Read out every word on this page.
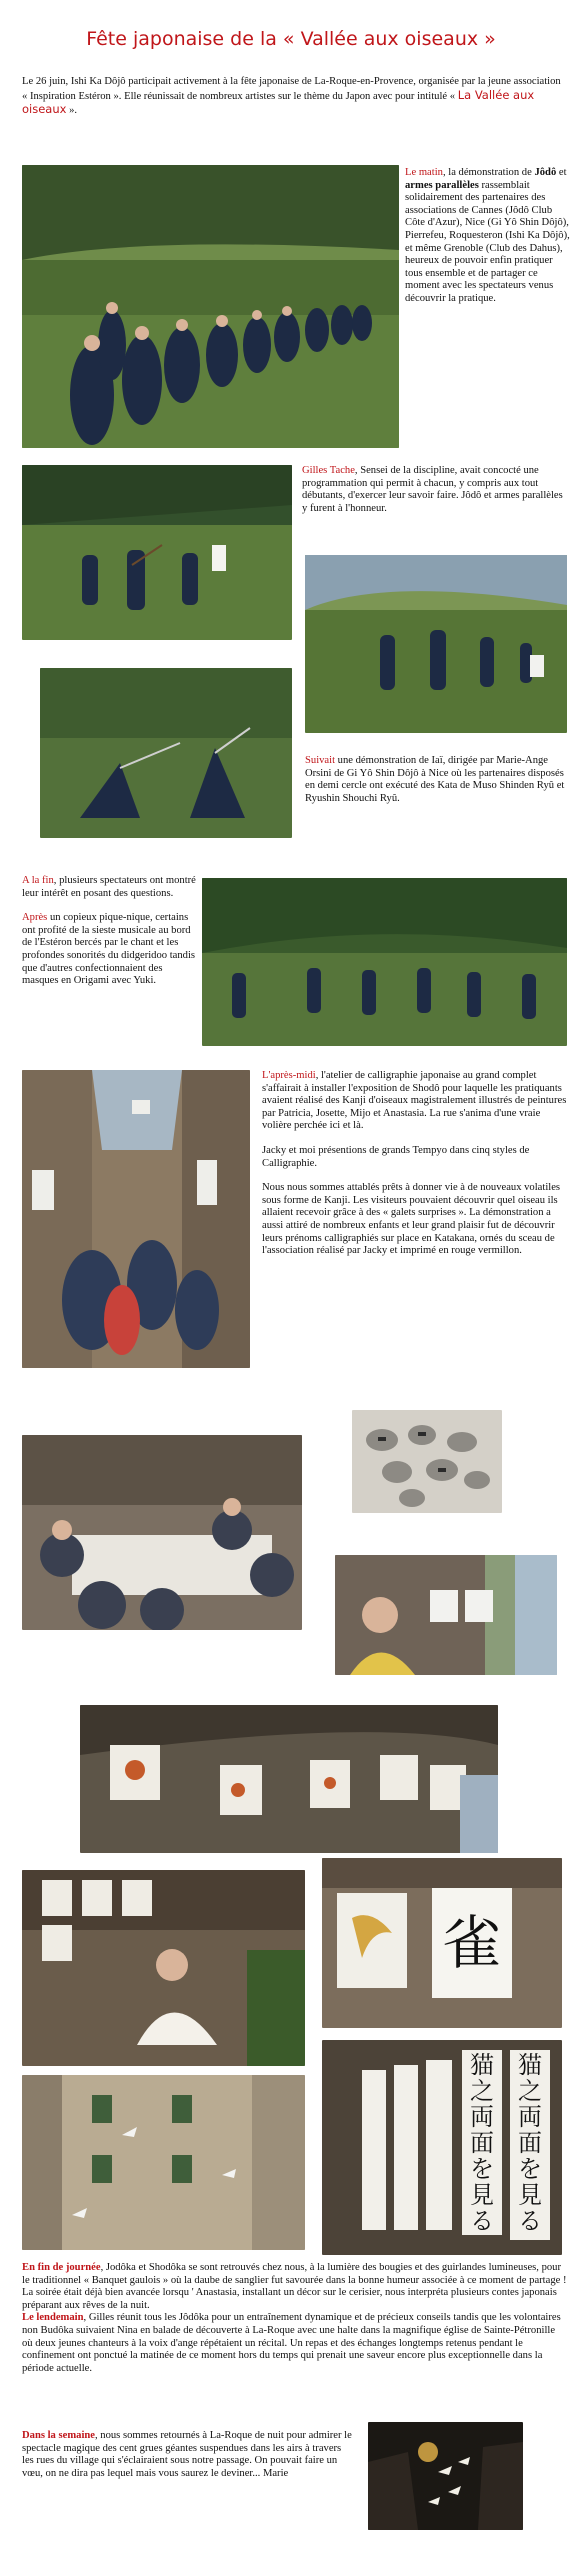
Fête japonaise de la « Vallée aux oiseaux »
Le 26 juin, Ishi Ka Dôjô participait activement à la fête japonaise de La-Roque-en-Provence, organisée par la jeune association « Inspiration Estéron ». Elle réunissait de nombreux artistes sur le thème du Japon avec pour intitulé « La Vallée aux oiseaux ».
Le matin, la démonstration de Jôdô et armes parallèles rassemblait solidairement des partenaires des associations de Cannes (Jôdô Club Côte d'Azur), Nice (Gi Yô Shin Dôjô), Pierrefeu, Roquesteron (Ishi Ka Dôjô), et même Grenoble (Club des Dahus), heureux de pouvoir enfin pratiquer tous ensemble et de partager ce moment avec les spectateurs venus découvrir la pratique.
Gilles Tache, Sensei de la discipline, avait concocté une programmation qui permit à chacun, y compris aux tout débutants, d'exercer leur savoir faire. Jôdô et armes parallèles y furent à l'honneur.
Suivait une démonstration de Iaï, dirigée par Marie-Ange Orsini de Gi Yô Shin Dôjô à Nice où les partenaires disposés en demi cercle ont exécuté des Kata de Muso Shinden Ryû et Ryushin Shouchi Ryû.

A la fin, plusieurs spectateurs ont montré leur intérêt en posant des questions.

Après un copieux pique-nique, certains ont profité de la sieste musicale au bord de l'Estéron bercés par le chant et les profondes sonorités du didgeridoo tandis que d'autres confectionnaient des masques en Origami avec Yuki.

L'après-midi, l'atelier de calligraphie japonaise au grand complet s'affairait à installer l'exposition de Shodô pour laquelle les pratiquants avaient réalisé des Kanji d'oiseaux magistralement illustrés de peintures par Patricia, Josette, Mijo et Anastasia. La rue s'anima d'une vraie volière perchée ici et là.

Jacky et moi présentions de grands Tempyo dans cinq styles de Calligraphie.

Nous nous sommes attablés prêts à donner vie à de nouveaux volatiles sous forme de Kanji. Les visiteurs pouvaient découvrir quel oiseau ils allaient recevoir grâce à des « galets surprises ». La démonstration a aussi attiré de nombreux enfants et leur grand plaisir fut de découvrir leurs prénoms calligraphiés sur place en Katakana, ornés du sceau de l'association réalisé par Jacky et imprimé en rouge vermillon.

雀
猫之両面を見る
猫之両面を見る
En fin de journée, Jodôka et Shodôka se sont retrouvés chez nous, à la lumière des bougies et des guirlandes lumineuses, pour le traditionnel « Banquet gaulois » où la daube de sanglier fut savourée dans la bonne humeur associée à ce moment de partage ! La soirée était déjà bien avancée lorsqu ' Anastasia, installant un décor sur le cerisier, nous interpréta plusieurs contes japonais préparant aux rêves de la nuit.
Le lendemain, Gilles réunit tous les Jôdôka pour un entraînement dynamique et de précieux conseils tandis que les volontaires non Budôka suivaient Nina en balade de découverte à La-Roque avec une halte dans la magnifique église de Sainte-Pétronille où deux jeunes chanteurs à la voix d'ange répétaient un récital. Un repas et des échanges longtemps retenus pendant le confinement ont ponctué la matinée de ce moment hors du temps qui prenait une saveur encore plus exceptionnelle dans la période actuelle.
Dans la semaine, nous sommes retournés à La-Roque de nuit pour admirer le spectacle magique des cent grues géantes suspendues dans les airs à travers les rues du village qui s'éclairaient sous notre passage. On pouvait faire un vœu, on ne dira pas lequel mais vous saurez le deviner... Marie
